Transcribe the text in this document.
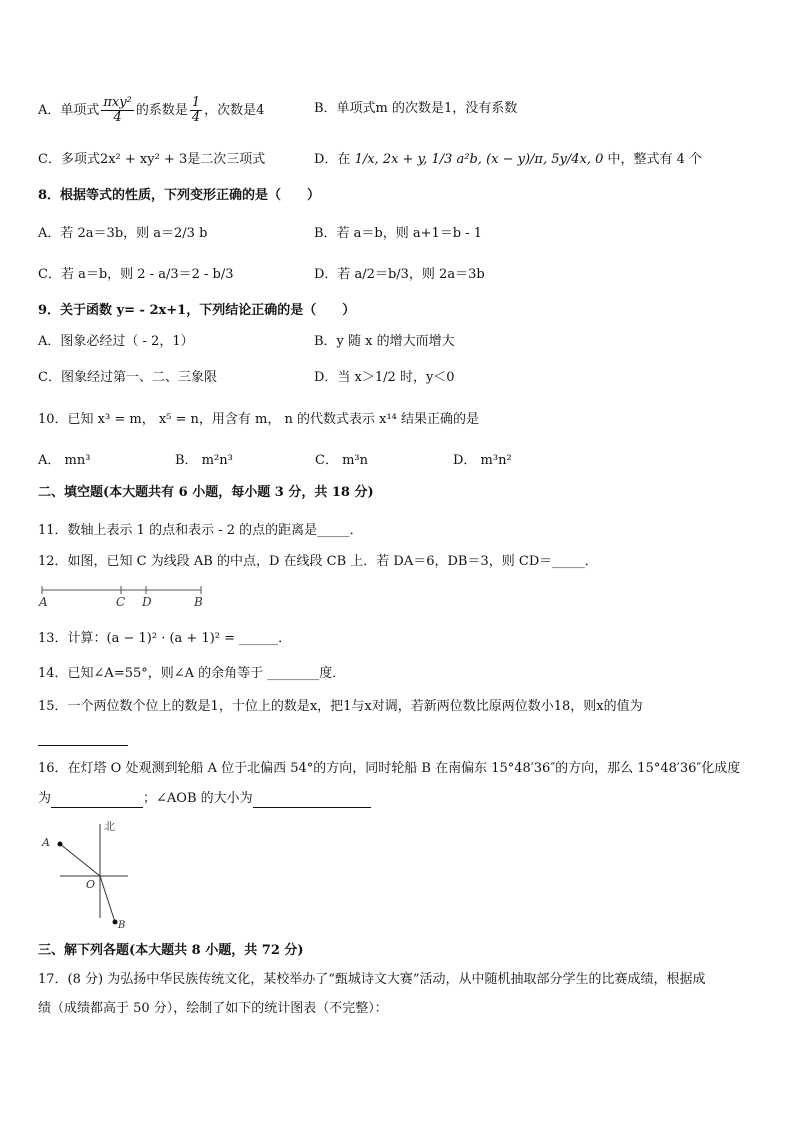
A．单项式 $\frac{\text{πxy²}}{4}$ 的系数是 $\frac{1}{4}$ ，次数是4	B．单项式m 的次数是1，没有系数
C．多项式2x² + xy² + 3是二次三项式	D．在 1/x, 2x + y, 1/3 a²b, (x − y)/π, 5y/4x, 0 中，整式有 4 个
8．根据等式的性质，下列变形正确的是（　　）
A．若 2a＝3b，则 a＝2/3 b	B．若 a＝b，则 a+1＝b - 1
C．若 a＝b，则 2 - a/3＝2 - b/3	D．若 a/2＝b/3，则 2a＝3b
9．关于函数 y= - 2x+1，下列结论正确的是（　　）
A．图象必经过（ - 2，1）	B．y 随 x 的增大而增大
C．图象经过第一、二、三象限	D．当 x＞1/2 时，y＜0
10．已知 x³ = m， x⁵ = n，用含有 m， n 的代数式表示 x¹⁴ 结果正确的是
A． mn³	B． m²n³	C． m³n	D． m³n²
二、填空题(本大题共有 6 小题，每小题 3 分，共 18 分)
11．数轴上表示 1 的点和表示 - 2 的点的距离是_____．
12．如图，已知 C 为线段 AB 的中点，D 在线段 CB 上．若 DA＝6，DB＝3，则 CD＝_____．
A	C D	B
13．计算：(a − 1)² · (a + 1)² = ______．
14．已知∠A=55°，则∠A 的余角等于 ________度．
15．一个两位数个位上的数是1，十位上的数是x，把1与x对调，若新两位数比原两位数小18，则x的值为
16．在灯塔 O 处观测到轮船 A 位于北偏西 54°的方向，同时轮船 B 在南偏东 15°48′36″的方向，那么 15°48′36″化成度
为	；∠AOB 的大小为
北
A
O
B
三、解下列各题(本大题共 8 小题，共 72 分)
17．(8 分) 为弘扬中华民族传统文化，某校举办了“甄城诗文大赛”活动，从中随机抽取部分学生的比赛成绩，根据成
绩（成绩都高于 50 分），绘制了如下的统计图表（不完整）：
